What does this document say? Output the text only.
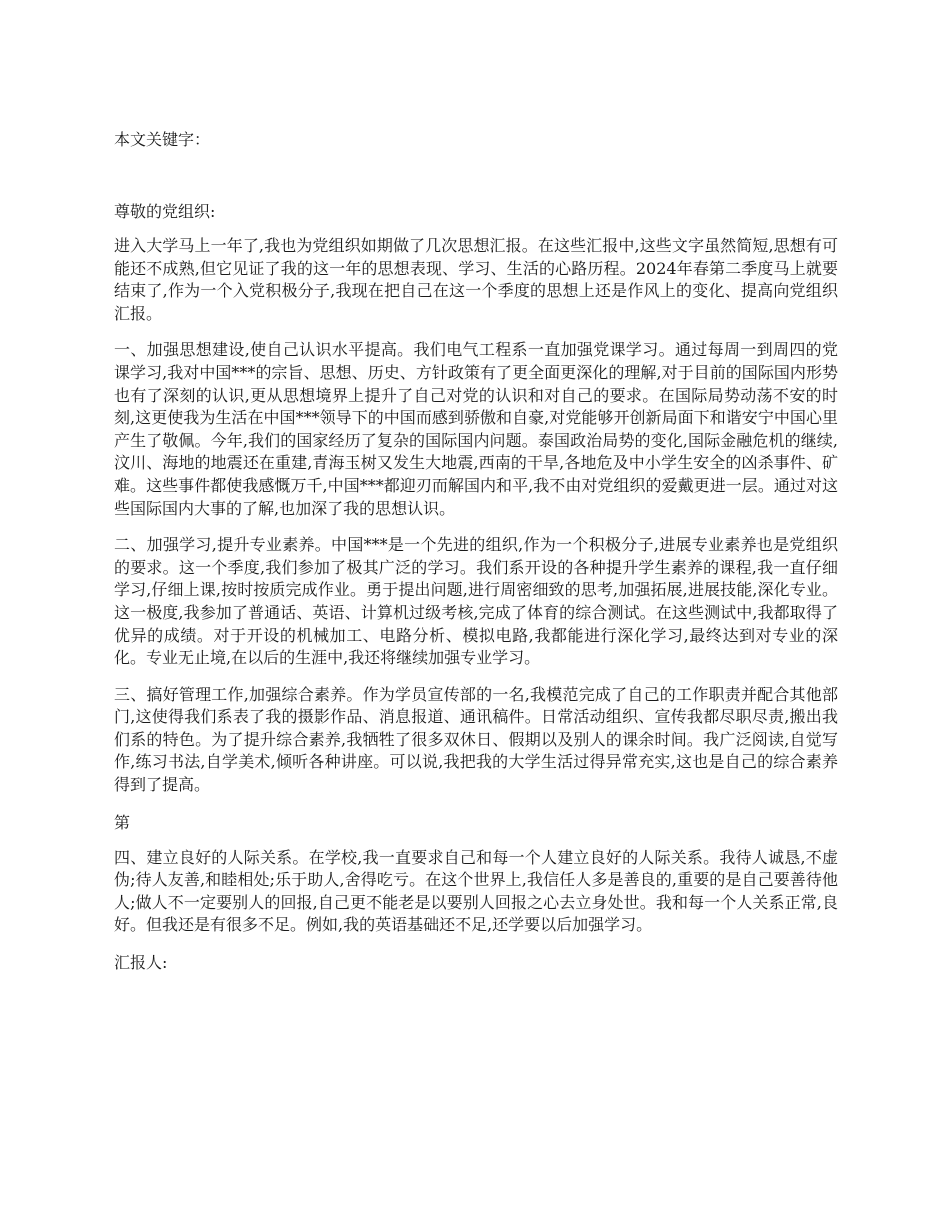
本文关键字：

尊敬的党组织:

进入大学马上一年了,我也为党组织如期做了几次思想汇报。在这些汇报中,这些文字虽然简短,思想有可能还不成熟,但它见证了我的这一年的思想表现、学习、生活的心路历程。2024年春第二季度马上就要结束了,作为一个入党积极分子,我现在把自己在这一个季度的思想上还是作风上的变化、提高向党组织汇报。

一、加强思想建设,使自己认识水平提高。我们电气工程系一直加强党课学习。通过每周一到周四的党课学习,我对中国***的宗旨、思想、历史、方针政策有了更全面更深化的理解,对于目前的国际国内形势也有了深刻的认识,更从思想境界上提升了自己对党的认识和对自己的要求。在国际局势动荡不安的时刻,这更使我为生活在中国***领导下的中国而感到骄傲和自豪,对党能够开创新局面下和谐安宁中国心里产生了敬佩。今年,我们的国家经历了复杂的国际国内问题。泰国政治局势的变化,国际金融危机的继续,汶川、海地的地震还在重建,青海玉树又发生大地震,西南的干旱,各地危及中小学生安全的凶杀事件、矿难。这些事件都使我感慨万千,中国***都迎刃而解国内和平,我不由对党组织的爱戴更进一层。通过对这些国际国内大事的了解,也加深了我的思想认识。

二、加强学习,提升专业素养。中国***是一个先进的组织,作为一个积极分子,进展专业素养也是党组织的要求。这一个季度,我们参加了极其广泛的学习。我们系开设的各种提升学生素养的课程,我一直仔细学习,仔细上课,按时按质完成作业。勇于提出问题,进行周密细致的思考,加强拓展,进展技能,深化专业。这一极度,我参加了普通话、英语、计算机过级考核,完成了体育的综合测试。在这些测试中,我都取得了优异的成绩。对于开设的机械加工、电路分析、模拟电路,我都能进行深化学习,最终达到对专业的深化。专业无止境,在以后的生涯中,我还将继续加强专业学习。

三、搞好管理工作,加强综合素养。作为学员宣传部的一名,我模范完成了自己的工作职责并配合其他部门,这使得我们系表了我的摄影作品、消息报道、通讯稿件。日常活动组织、宣传我都尽职尽责,搬出我们系的特色。为了提升综合素养,我牺牲了很多双休日、假期以及别人的课余时间。我广泛阅读,自觉写作,练习书法,自学美术,倾听各种讲座。可以说,我把我的大学生活过得异常充实,这也是自己的综合素养得到了提高。

第

四、建立良好的人际关系。在学校,我一直要求自己和每一个人建立良好的人际关系。我待人诚恳,不虚伪;待人友善,和睦相处;乐于助人,舍得吃亏。在这个世界上,我信任人多是善良的,重要的是自己要善待他人;做人不一定要别人的回报,自己更不能老是以要别人回报之心去立身处世。我和每一个人关系正常,良好。但我还是有很多不足。例如,我的英语基础还不足,还学要以后加强学习。

汇报人:
